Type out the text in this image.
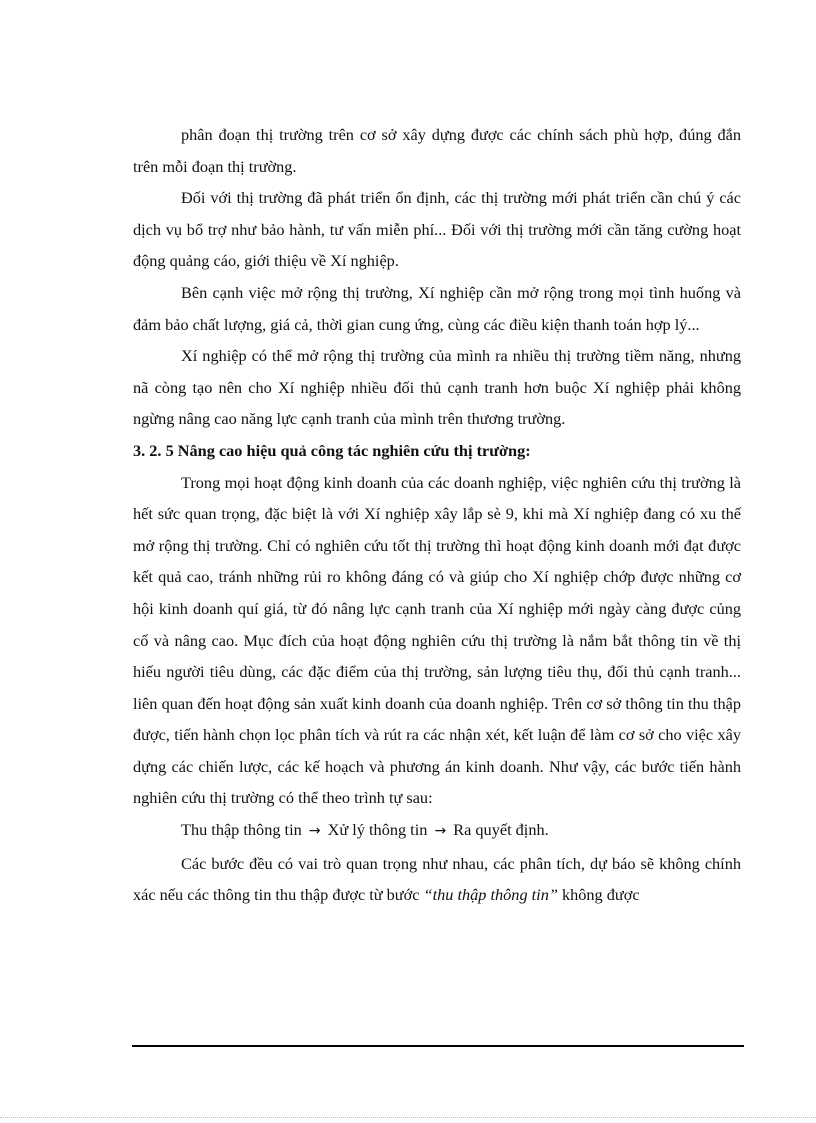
phân đoạn thị trường trên cơ sở xây dựng được các chính sách phù hợp, đúng đắn trên mỗi đoạn thị trường.

Đối với thị trường đã phát triển ổn định, các thị trường mới phát triển cần chú ý các dịch vụ bổ trợ như bảo hành, tư vấn miễn phí... Đối với thị trường mới cần tăng cường hoạt động quảng cáo, giới thiệu về Xí nghiệp.

Bên cạnh việc mở rộng thị trường, Xí nghiệp cần mở rộng trong mọi tình huống và đảm bảo chất lượng, giá cả, thời gian cung ứng, cùng các điều kiện thanh toán hợp lý...

Xí nghiệp có thể mở rộng thị trường của mình ra nhiều thị trường tiềm năng, nhưng nã còng tạo nên cho Xí nghiệp nhiều đối thủ cạnh tranh hơn buộc Xí nghiệp phải không ngừng nâng cao năng lực cạnh tranh của mình trên thương trường.

3. 2. 5 Nâng cao hiệu quả công tác nghiên cứu thị trường:

Trong mọi hoạt động kinh doanh của các doanh nghiệp, việc nghiên cứu thị trường là hết sức quan trọng, đặc biệt là với Xí nghiệp xây lắp sè 9, khi mà Xí nghiệp đang có xu thế mở rộng thị trường. Chỉ có nghiên cứu tốt thị trường thì hoạt động kinh doanh mới đạt được kết quả cao, tránh những rủi ro không đáng có và giúp cho Xí nghiệp chớp được những cơ hội kinh doanh quí giá, từ đó nâng lực cạnh tranh của Xí nghiệp mới ngày càng được củng cố và nâng cao. Mục đích của hoạt động nghiên cứu thị trường là nắm bắt thông tin về thị hiếu người tiêu dùng, các đặc điểm của thị trường, sản lượng tiêu thụ, đối thủ cạnh tranh... liên quan đến hoạt động sản xuất kinh doanh của doanh nghiệp. Trên cơ sở thông tin thu thập được, tiến hành chọn lọc phân tích và rút ra các nhận xét, kết luận để làm cơ sở cho việc xây dựng các chiến lược, các kế hoạch và phương án kinh doanh. Như vậy, các bước tiến hành nghiên cứu thị trường có thể theo trình tự sau:

Thu thập thông tin → Xử lý thông tin → Ra quyết định.

Các bước đều có vai trò quan trọng như nhau, các phân tích, dự báo sẽ không chính xác nếu các thông tin thu thập được từ bước “thu thập thông tin” không được
